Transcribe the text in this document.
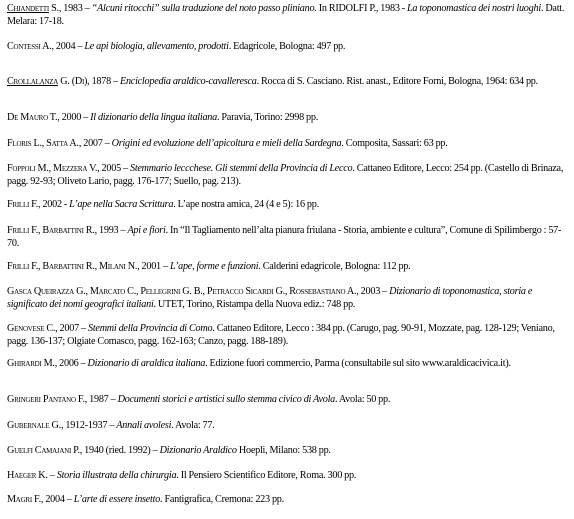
Chiandetti S., 1983 – “Alcuni ritocchi” sulla traduzione del noto passo pliniano. In RIDOLFI P., 1983 - La toponomastica dei nostri luoghi. Datt. Melara: 17-18.
Contessi A., 2004 – Le api biologia, allevamento, prodotti. Edagricole, Bologna: 497 pp.
Crollalanza G. (Di), 1878 – Enciclopedia araldico-cavalleresca. Rocca di S. Casciano. Rist. anast., Editore Forni, Bologna, 1964: 634 pp.
De Mauro T., 2000 – Il dizionario della lingua italiana. Paravia, Torino: 2998 pp.
Floris L., Satta A., 2007 – Origini ed evoluzione dell’apicoltura e mieli della Sardegna. Composita, Sassari: 63 pp.
Foppoli M., Mezzera V., 2005 – Stemmario leccchese. Gli stemmi della Provincia di Lecco. Cattaneo Editore, Lecco: 254 pp. (Castello di Brinaza, pagg. 92-93; Oliveto Lario, pagg. 176-177; Suello, pag. 213).
Frilli F., 2002 - L’ape nella Sacra Scrittura. L’ape nostra amica, 24 (4 e 5): 16 pp.
Frilli F., Barbattini R., 1993 – Api e fiori. In “Il Tagliamento nell’alta pianura friulana - Storia, ambiente e cultura”, Comune di Spilimbergo : 57-70.
Frilli F., Barbattini R., Milani N., 2001 – L’ape, forme e funzioni. Calderini edagricole, Bologna: 112 pp.
Gasca Queirazza G., Marcato C., Pellegrini G. B., Petracco Sicardi G., Rossebastiano A., 2003 – Dizionario di toponomastica, storia e significato dei nomi geografici italiani. UTET, Torino, Ristampa della Nuova ediz.: 748 pp.
Genovese C., 2007 – Stemmi della Provincia di Como. Cattaneo Editore, Lecco : 384 pp. (Carugo, pag. 90-91, Mozzate, pag. 128-129; Veniano, pagg. 136-137; Olgiate Comasco, pagg. 162-163; Canzo, pagg. 188-189).
Ghirardi M., 2006 – Dizionario di araldica italiana. Edizione fuori commercio, Parma (consultabile sul sito www.araldicacivica.it).
Gringeri Pantano F., 1987 – Documenti storici e artistici sullo stemma civico di Avola. Avola: 50 pp.
Gubernale G., 1912-1937 – Annali avolesi. Avola: 77.
Guelfi Camajani P., 1940 (ried. 1992) – Dizionario Araldico Hoepli, Milano: 538 pp.
Haeger K. – Storia illustrata della chirurgia. Il Pensiero Scientifico Editore, Roma. 300 pp.
Magri F., 2004 – L’arte di essere insetto. Fantigrafica, Cremona: 223 pp.
